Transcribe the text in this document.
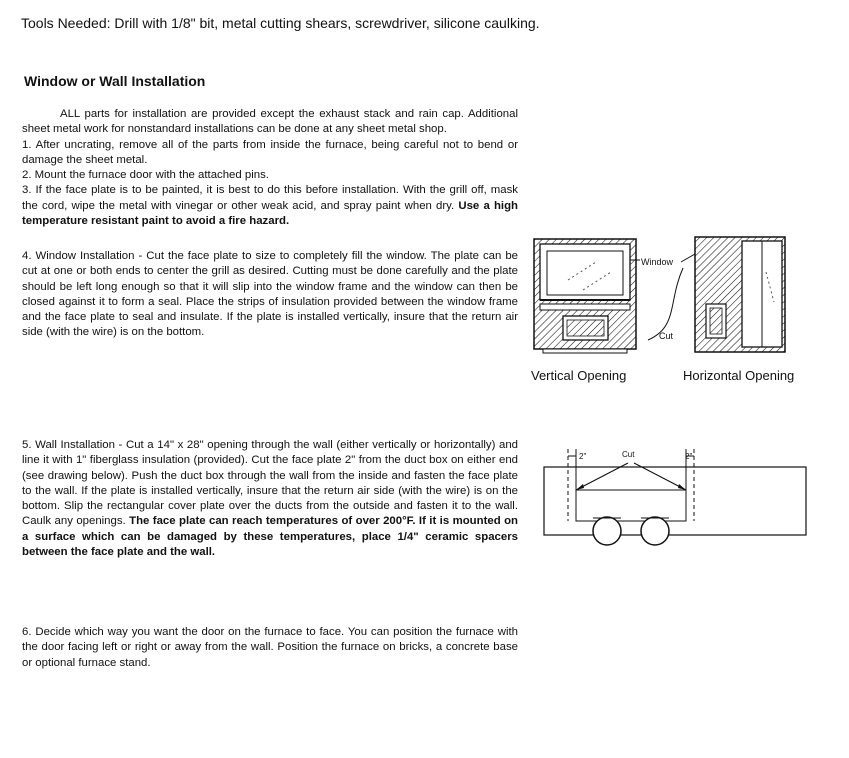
Tools Needed: Drill with 1/8" bit, metal cutting shears, screwdriver, silicone caulking.
Window or Wall Installation

ALL parts for installation are provided except the exhaust stack and rain cap. Additional sheet metal work for nonstandard installations can be done at any sheet metal shop.

1. After uncrating, remove all of the parts from inside the furnace, being careful not to bend or damage the sheet metal.

2. Mount the furnace door with the attached pins.

3. If the face plate is to be painted, it is best to do this before installation. With the grill off, mask the cord, wipe the metal with vinegar or other weak acid, and spray paint when dry. Use a high temperature resistant paint to avoid a fire hazard.

4. Window Installation - Cut the face plate to size to completely fill the window. The plate can be cut at one or both ends to center the grill as desired. Cutting must be done carefully and the plate should be left long enough so that it will slip into the window frame and the window can then be closed against it to form a seal. Place the strips of insulation provided between the window frame and the face plate to seal and insulate. If the plate is installed vertically, insure that the return air side (with the wire) is on the bottom.

5. Wall Installation - Cut a 14" x 28" opening through the wall (either vertically or horizontally) and line it with 1" fiberglass insulation (provided). Cut the face plate 2" from the duct box on either end (see drawing below). Push the duct box through the wall from the inside and fasten the face plate to the wall. If the plate is installed vertically, insure that the return air side (with the wire) is on the bottom. Slip the rectangular cover plate over the ducts from the outside and fasten it to the wall. Caulk any openings. The face plate can reach temperatures of over 200°F. If it is mounted on a surface which can be damaged by these temperatures, place 1/4" ceramic spacers between the face plate and the wall.

6. Decide which way you want the door on the furnace to face. You can position the furnace with the door facing left or right or away from the wall. Position the furnace on bricks, a concrete base or optional furnace stand.

Window
Cut
Vertical Opening	Horizontal Opening
2"	Cut	2"
